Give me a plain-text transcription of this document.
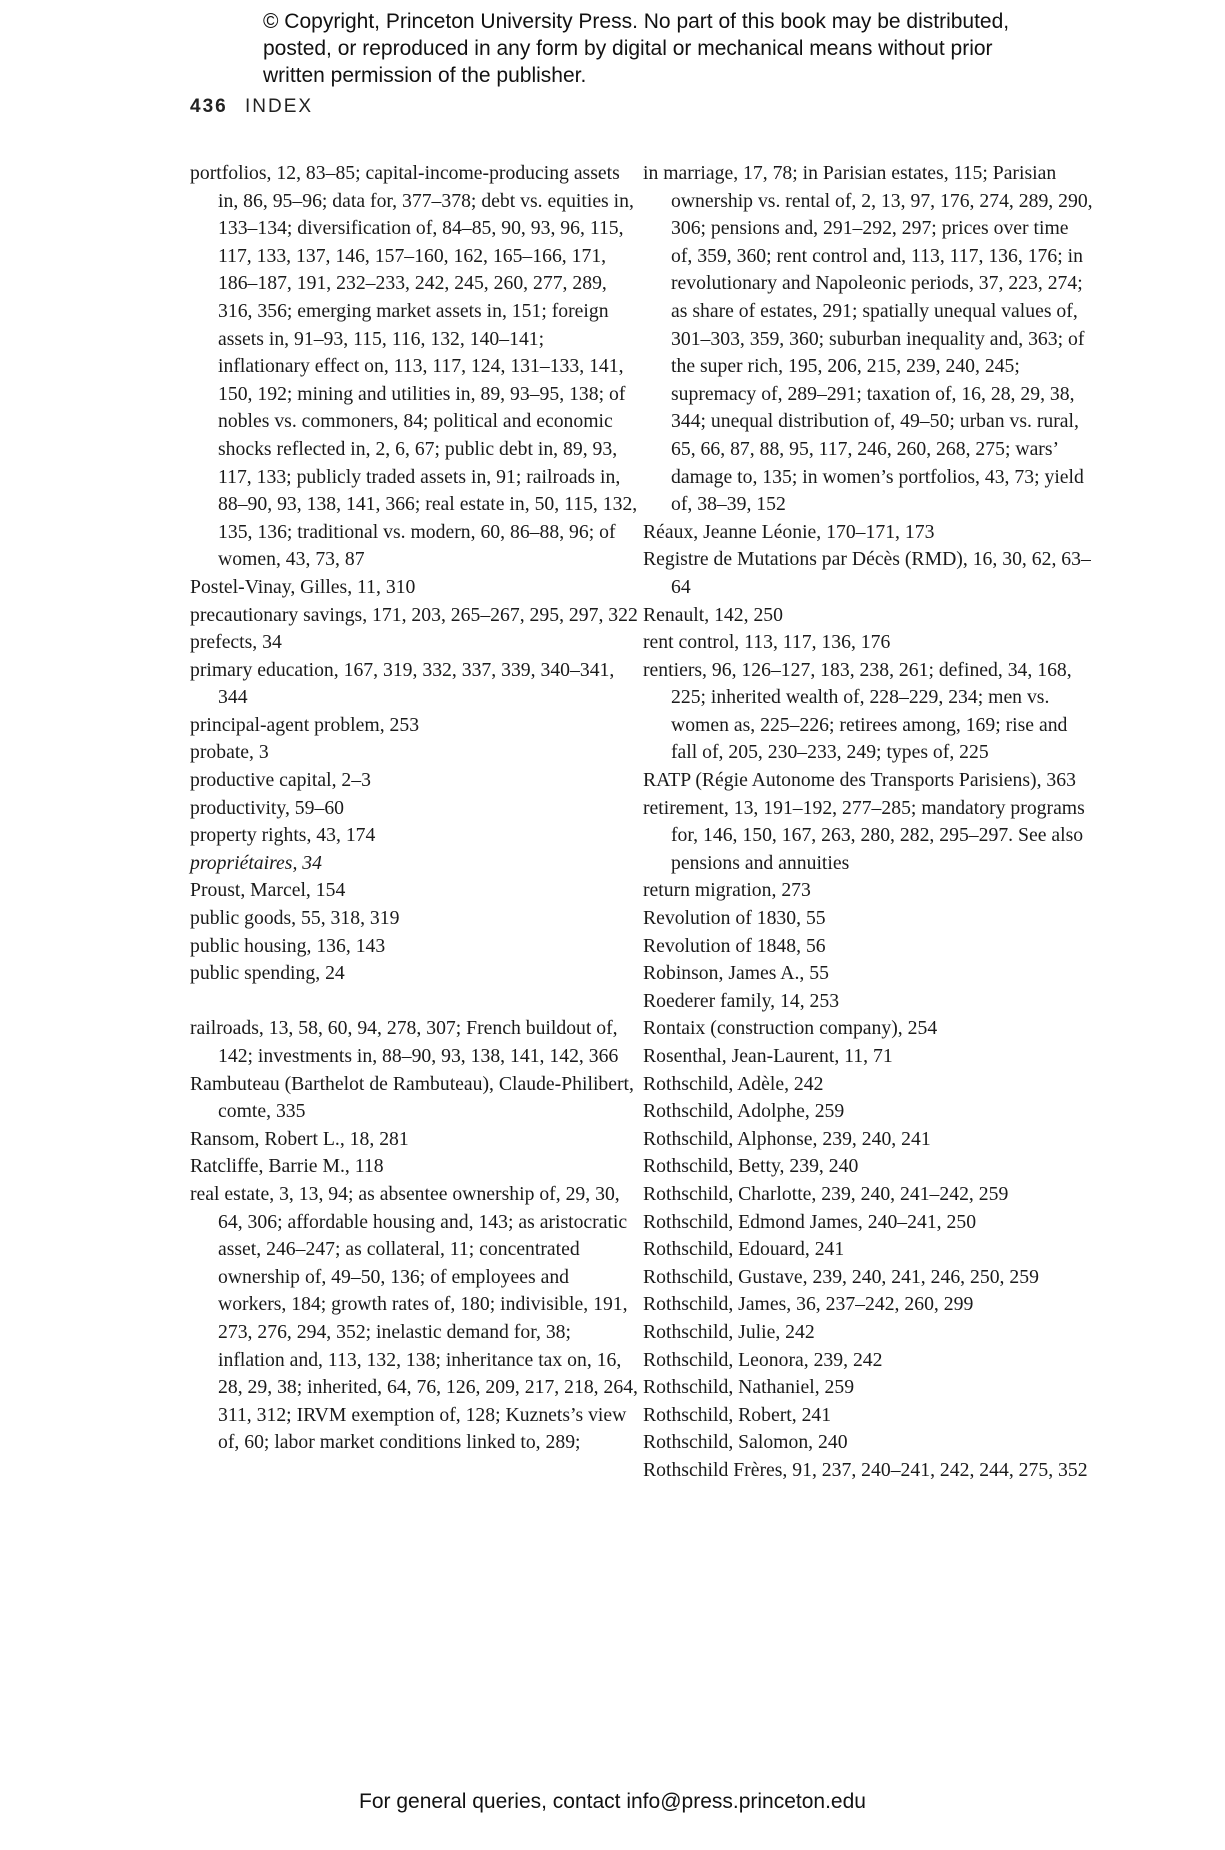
© Copyright, Princeton University Press. No part of this book may be distributed, posted, or reproduced in any form by digital or mechanical means without prior written permission of the publisher.
436 INDEX

portfolios, 12, 83–85; capital-income-producing assets in, 86, 95–96; data for, 377–378; debt vs. equities in, 133–134; diversification of, 84–85, 90, 93, 96, 115, 117, 133, 137, 146, 157–160, 162, 165–166, 171, 186–187, 191, 232–233, 242, 245, 260, 277, 289, 316, 356; emerging market assets in, 151; foreign assets in, 91–93, 115, 116, 132, 140–141; inflationary effect on, 113, 117, 124, 131–133, 141, 150, 192; mining and utilities in, 89, 93–95, 138; of nobles vs. commoners, 84; political and economic shocks reflected in, 2, 6, 67; public debt in, 89, 93, 117, 133; publicly traded assets in, 91; railroads in, 88–90, 93, 138, 141, 366; real estate in, 50, 115, 132, 135, 136; traditional vs. modern, 60, 86–88, 96; of women, 43, 73, 87

Postel-Vinay, Gilles, 11, 310

precautionary savings, 171, 203, 265–267, 295, 297, 322

prefects, 34

primary education, 167, 319, 332, 337, 339, 340–341, 344

principal-agent problem, 253

probate, 3

productive capital, 2–3

productivity, 59–60

property rights, 43, 174

propriétaires, 34

Proust, Marcel, 154

public goods, 55, 318, 319

public housing, 136, 143

public spending, 24

railroads, 13, 58, 60, 94, 278, 307; French buildout of, 142; investments in, 88–90, 93, 138, 141, 142, 366

Rambuteau (Barthelot de Rambuteau), Claude-Philibert, comte, 335

Ransom, Robert L., 18, 281

Ratcliffe, Barrie M., 118

real estate, 3, 13, 94; as absentee ownership of, 29, 30, 64, 306; affordable housing and, 143; as aristocratic asset, 246–247; as collateral, 11; concentrated ownership of, 49–50, 136; of employees and workers, 184; growth rates of, 180; indivisible, 191, 273, 276, 294, 352; inelastic demand for, 38; inflation and, 113, 132, 138; inheritance tax on, 16, 28, 29, 38; inherited, 64, 76, 126, 209, 217, 218, 264, 311, 312; IRVM exemption of, 128; Kuznets’s view of, 60; labor market conditions linked to, 289;

in marriage, 17, 78; in Parisian estates, 115; Parisian ownership vs. rental of, 2, 13, 97, 176, 274, 289, 290, 306; pensions and, 291–292, 297; prices over time of, 359, 360; rent control and, 113, 117, 136, 176; in revolutionary and Napoleonic periods, 37, 223, 274; as share of estates, 291; spatially unequal values of, 301–303, 359, 360; suburban inequality and, 363; of the super rich, 195, 206, 215, 239, 240, 245; supremacy of, 289–291; taxation of, 16, 28, 29, 38, 344; unequal distribution of, 49–50; urban vs. rural, 65, 66, 87, 88, 95, 117, 246, 260, 268, 275; wars’ damage to, 135; in women’s portfolios, 43, 73; yield of, 38–39, 152

Réaux, Jeanne Léonie, 170–171, 173

Registre de Mutations par Décès (RMD), 16, 30, 62, 63–64

Renault, 142, 250

rent control, 113, 117, 136, 176

rentiers, 96, 126–127, 183, 238, 261; defined, 34, 168, 225; inherited wealth of, 228–229, 234; men vs. women as, 225–226; retirees among, 169; rise and fall of, 205, 230–233, 249; types of, 225

RATP (Régie Autonome des Transports Parisiens), 363

retirement, 13, 191–192, 277–285; mandatory programs for, 146, 150, 167, 263, 280, 282, 295–297. See also pensions and annuities

return migration, 273

Revolution of 1830, 55

Revolution of 1848, 56

Robinson, James A., 55

Roederer family, 14, 253

Rontaix (construction company), 254

Rosenthal, Jean-Laurent, 11, 71

Rothschild, Adèle, 242

Rothschild, Adolphe, 259

Rothschild, Alphonse, 239, 240, 241

Rothschild, Betty, 239, 240

Rothschild, Charlotte, 239, 240, 241–242, 259

Rothschild, Edmond James, 240–241, 250

Rothschild, Edouard, 241

Rothschild, Gustave, 239, 240, 241, 246, 250, 259

Rothschild, James, 36, 237–242, 260, 299

Rothschild, Julie, 242

Rothschild, Leonora, 239, 242

Rothschild, Nathaniel, 259

Rothschild, Robert, 241

Rothschild, Salomon, 240

Rothschild Frères, 91, 237, 240–241, 242, 244, 275, 352

For general queries, contact info@press.princeton.edu
